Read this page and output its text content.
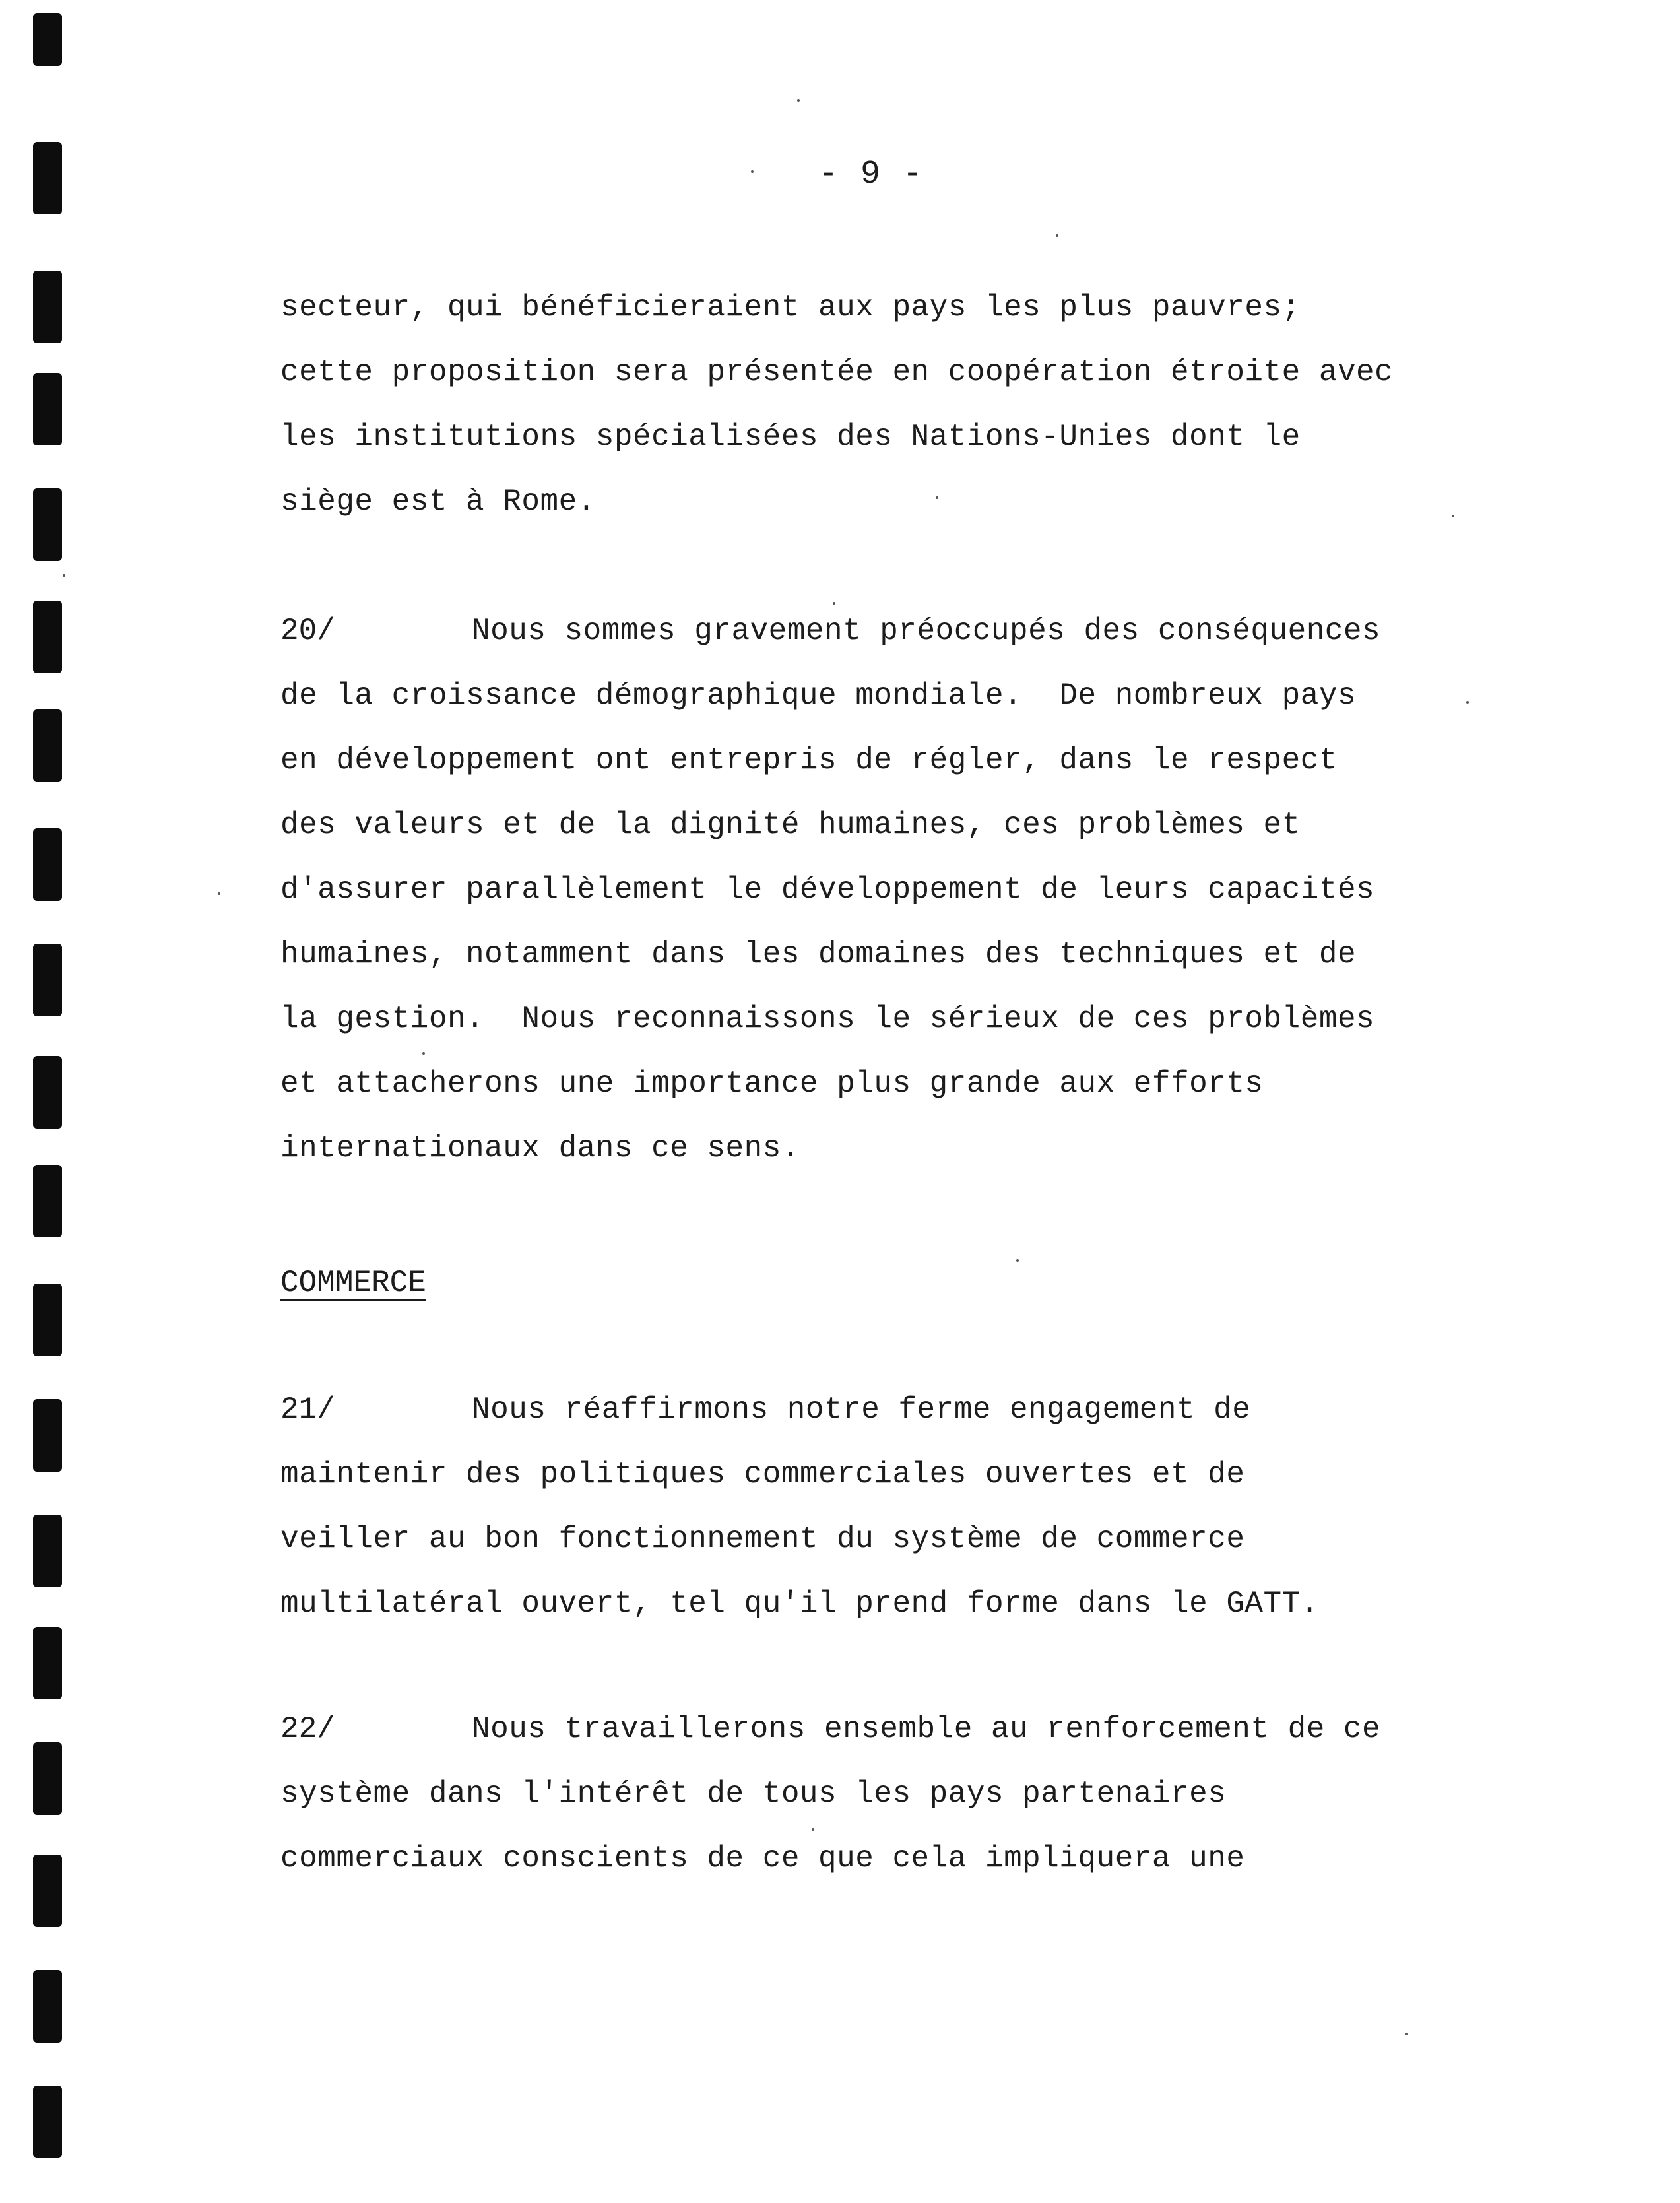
- 9 -
secteur, qui bénéficieraient aux pays les plus pauvres;
cette proposition sera présentée en coopération étroite avec
les institutions spécialisées des Nations-Unies dont le
siège est à Rome.
20/	Nous sommes gravement préoccupés des conséquences
de la croissance démographique mondiale.  De nombreux pays
en développement ont entrepris de régler, dans le respect
des valeurs et de la dignité humaines, ces problèmes et
d'assurer parallèlement le développement de leurs capacités
humaines, notamment dans les domaines des techniques et de
la gestion.  Nous reconnaissons le sérieux de ces problèmes
et attacherons une importance plus grande aux efforts
internationaux dans ce sens.
COMMERCE
21/	Nous réaffirmons notre ferme engagement de
maintenir des politiques commerciales ouvertes et de
veiller au bon fonctionnement du système de commerce
multilatéral ouvert, tel qu'il prend forme dans le GATT.
22/	Nous travaillerons ensemble au renforcement de ce
système dans l'intérêt de tous les pays partenaires
commerciaux conscients de ce que cela impliquera une
